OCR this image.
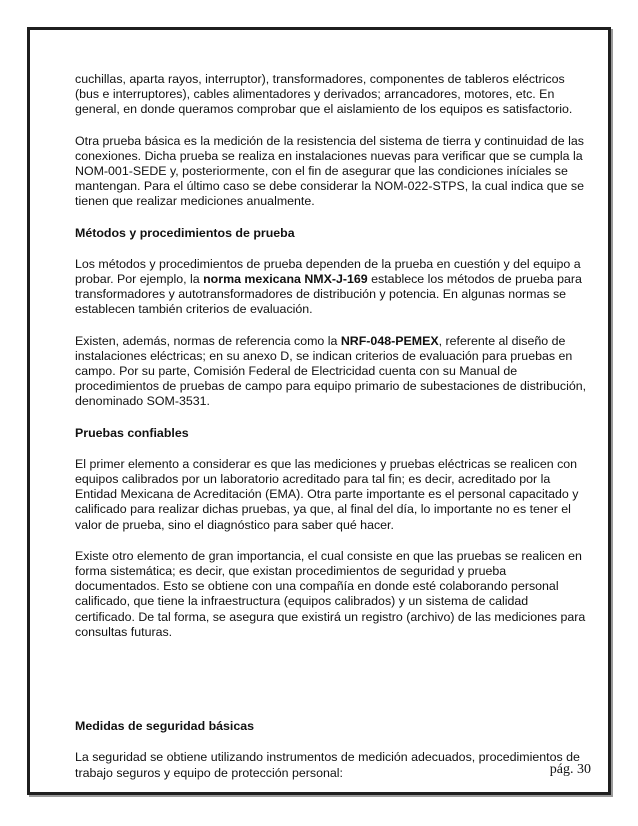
cuchillas, aparta rayos, interruptor), transformadores, componentes de tableros eléctricos
(bus e interruptores), cables alimentadores y derivados; arrancadores, motores, etc. En
general, en donde queramos comprobar que el aislamiento de los equipos es satisfactorio.

Otra prueba básica es la medición de la resistencia del sistema de tierra y continuidad de las
conexiones. Dicha prueba se realiza en instalaciones nuevas para verificar que se cumpla la
NOM-001-SEDE y, posteriormente, con el fin de asegurar que las condiciones iníciales se
mantengan. Para el último caso se debe considerar la NOM-022-STPS, la cual indica que se
tienen que realizar mediciones anualmente.

Métodos y procedimientos de prueba

Los métodos y procedimientos de prueba dependen de la prueba en cuestión y del equipo a
probar. Por ejemplo, la norma mexicana NMX-J-169 establece los métodos de prueba para
transformadores y autotransformadores de distribución y potencia. En algunas normas se
establecen también criterios de evaluación.

Existen, además, normas de referencia como la NRF-048-PEMEX, referente al diseño de
instalaciones eléctricas; en su anexo D, se indican criterios de evaluación para pruebas en
campo. Por su parte, Comisión Federal de Electricidad cuenta con su Manual de
procedimientos de pruebas de campo para equipo primario de subestaciones de distribución,
denominado SOM-3531.

Pruebas confiables

El primer elemento a considerar es que las mediciones y pruebas eléctricas se realicen con
equipos calibrados por un laboratorio acreditado para tal fin; es decir, acreditado por la
Entidad Mexicana de Acreditación (EMA). Otra parte importante es el personal capacitado y
calificado para realizar dichas pruebas, ya que, al final del día, lo importante no es tener el
valor de prueba, sino el diagnóstico para saber qué hacer.

Existe otro elemento de gran importancia, el cual consiste en que las pruebas se realicen en
forma sistemática; es decir, que existan procedimientos de seguridad y prueba
documentados. Esto se obtiene con una compañía en donde esté colaborando personal
calificado, que tiene la infraestructura (equipos calibrados) y un sistema de calidad
certificado. De tal forma, se asegura que existirá un registro (archivo) de las mediciones para
consultas futuras.

Medidas de seguridad básicas

La seguridad se obtiene utilizando instrumentos de medición adecuados, procedimientos de
trabajo seguros y equipo de protección personal:	pág. 30
